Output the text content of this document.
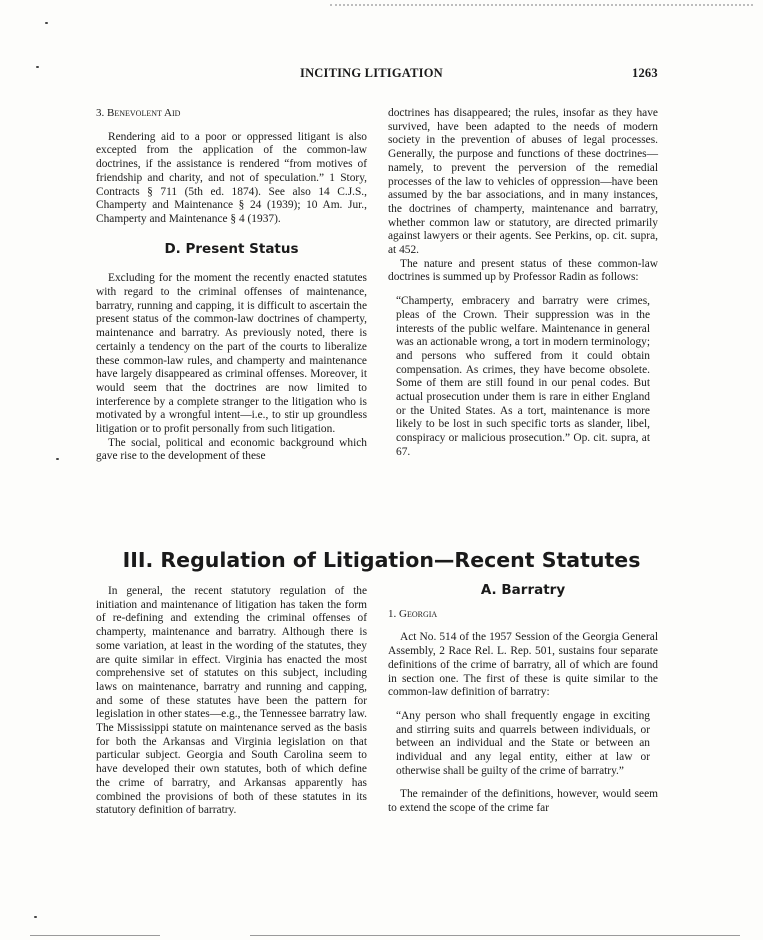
INCITING LITIGATION	1263

3. Benevolent Aid

Rendering aid to a poor or oppressed litigant is also excepted from the application of the common-law doctrines, if the assistance is rendered “from motives of friendship and charity, and not of speculation.” 1 Story, Contracts § 711 (5th ed. 1874). See also 14 C.J.S., Champerty and Maintenance § 24 (1939); 10 Am. Jur., Champerty and Maintenance § 4 (1937).

D. Present Status

Excluding for the moment the recently enacted statutes with regard to the criminal offenses of maintenance, barratry, running and capping, it is difficult to ascertain the present status of the common-law doctrines of champerty, maintenance and barratry. As previously noted, there is certainly a tendency on the part of the courts to liberalize these common-law rules, and champerty and maintenance have largely disappeared as criminal offenses. Moreover, it would seem that the doctrines are now limited to interference by a complete stranger to the litigation who is motivated by a wrongful intent—i.e., to stir up groundless litigation or to profit personally from such litigation.

The social, political and economic background which gave rise to the development of these

doctrines has disappeared; the rules, insofar as they have survived, have been adapted to the needs of modern society in the prevention of abuses of legal processes. Generally, the purpose and functions of these doctrines—namely, to prevent the perversion of the remedial processes of the law to vehicles of oppression—have been assumed by the bar associations, and in many instances, the doctrines of champerty, maintenance and barratry, whether common law or statutory, are directed primarily against lawyers or their agents. See Perkins, op. cit. supra, at 452.

The nature and present status of these common-law doctrines is summed up by Professor Radin as follows:

“Champerty, embracery and barratry were crimes, pleas of the Crown. Their suppression was in the interests of the public welfare. Maintenance in general was an actionable wrong, a tort in modern terminology; and persons who suffered from it could obtain compensation. As crimes, they have become obsolete. Some of them are still found in our penal codes. But actual prosecution under them is rare in either England or the United States. As a tort, maintenance is more likely to be lost in such specific torts as slander, libel, conspiracy or malicious prosecution.” Op. cit. supra, at 67.
III. Regulation of Litigation—Recent Statutes

In general, the recent statutory regulation of the initiation and maintenance of litigation has taken the form of re-defining and extending the criminal offenses of champerty, maintenance and barratry. Although there is some variation, at least in the wording of the statutes, they are quite similar in effect. Virginia has enacted the most comprehensive set of statutes on this subject, including laws on maintenance, barratry and running and capping, and some of these statutes have been the pattern for legislation in other states—e.g., the Tennessee barratry law. The Mississippi statute on maintenance served as the basis for both the Arkansas and Virginia legislation on that particular subject. Georgia and South Carolina seem to have developed their own statutes, both of which define the crime of barratry, and Arkansas apparently has combined the provisions of both of these statutes in its statutory definition of barratry.

A. Barratry

1. Georgia

Act No. 514 of the 1957 Session of the Georgia General Assembly, 2 Race Rel. L. Rep. 501, sustains four separate definitions of the crime of barratry, all of which are found in section one. The first of these is quite similar to the common-law definition of barratry:

“Any person who shall frequently engage in exciting and stirring suits and quarrels between individuals, or between an individual and the State or between an individual and any legal entity, either at law or otherwise shall be guilty of the crime of barratry.”

The remainder of the definitions, however, would seem to extend the scope of the crime far
